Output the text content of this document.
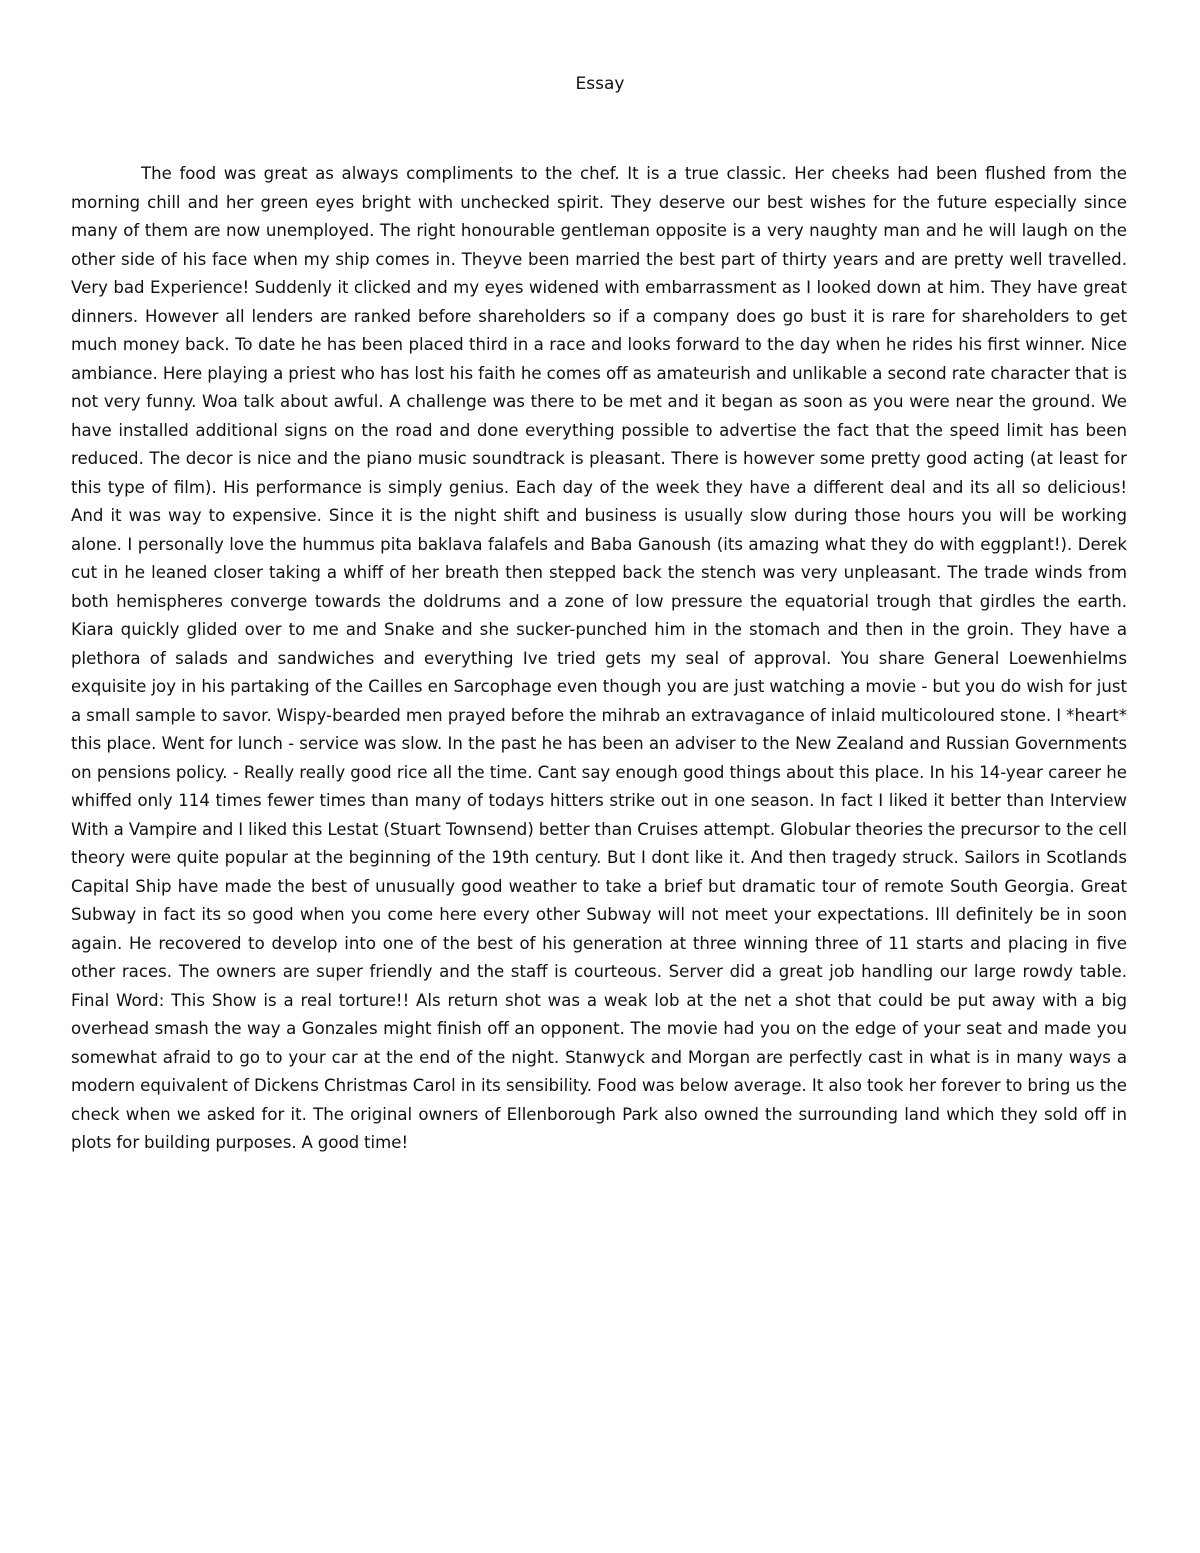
Essay

The food was great as always compliments to the chef. It is a true classic. Her cheeks had been flushed from the morning chill and her green eyes bright with unchecked spirit. They deserve our best wishes for the future especially since many of them are now unemployed. The right honourable gentleman opposite is a very naughty man and he will laugh on the other side of his face when my ship comes in. Theyve been married the best part of thirty years and are pretty well travelled. Very bad Experience! Suddenly it clicked and my eyes widened with embarrassment as I looked down at him. They have great dinners. However all lenders are ranked before shareholders so if a company does go bust it is rare for shareholders to get much money back. To date he has been placed third in a race and looks forward to the day when he rides his first winner. Nice ambiance. Here playing a priest who has lost his faith he comes off as amateurish and unlikable a second rate character that is not very funny. Woa talk about awful. A challenge was there to be met and it began as soon as you were near the ground. We have installed additional signs on the road and done everything possible to advertise the fact that the speed limit has been reduced. The decor is nice and the piano music soundtrack is pleasant. There is however some pretty good acting (at least for this type of film). His performance is simply genius. Each day of the week they have a different deal and its all so delicious! And it was way to expensive. Since it is the night shift and business is usually slow during those hours you will be working alone. I personally love the hummus pita baklava falafels and Baba Ganoush (its amazing what they do with eggplant!). Derek cut in he leaned closer taking a whiff of her breath then stepped back the stench was very unpleasant. The trade winds from both hemispheres converge towards the doldrums and a zone of low pressure the equatorial trough that girdles the earth. Kiara quickly glided over to me and Snake and she sucker-punched him in the stomach and then in the groin. They have a plethora of salads and sandwiches and everything Ive tried gets my seal of approval. You share General Loewenhielms exquisite joy in his partaking of the Cailles en Sarcophage even though you are just watching a movie - but you do wish for just a small sample to savor. Wispy-bearded men prayed before the mihrab an extravagance of inlaid multicoloured stone. I *heart* this place. Went for lunch - service was slow. In the past he has been an adviser to the New Zealand and Russian Governments on pensions policy. - Really really good rice all the time. Cant say enough good things about this place. In his 14-year career he whiffed only 114 times fewer times than many of todays hitters strike out in one season. In fact I liked it better than Interview With a Vampire and I liked this Lestat (Stuart Townsend) better than Cruises attempt. Globular theories the precursor to the cell theory were quite popular at the beginning of the 19th century. But I dont like it. And then tragedy struck. Sailors in Scotlands Capital Ship have made the best of unusually good weather to take a brief but dramatic tour of remote South Georgia. Great Subway in fact its so good when you come here every other Subway will not meet your expectations. Ill definitely be in soon again. He recovered to develop into one of the best of his generation at three winning three of 11 starts and placing in five other races. The owners are super friendly and the staff is courteous. Server did a great job handling our large rowdy table. Final Word: This Show is a real torture!! Als return shot was a weak lob at the net a shot that could be put away with a big overhead smash the way a Gonzales might finish off an opponent. The movie had you on the edge of your seat and made you somewhat afraid to go to your car at the end of the night. Stanwyck and Morgan are perfectly cast in what is in many ways a modern equivalent of Dickens Christmas Carol in its sensibility. Food was below average. It also took her forever to bring us the check when we asked for it. The original owners of Ellenborough Park also owned the surrounding land which they sold off in plots for building purposes. A good time!
